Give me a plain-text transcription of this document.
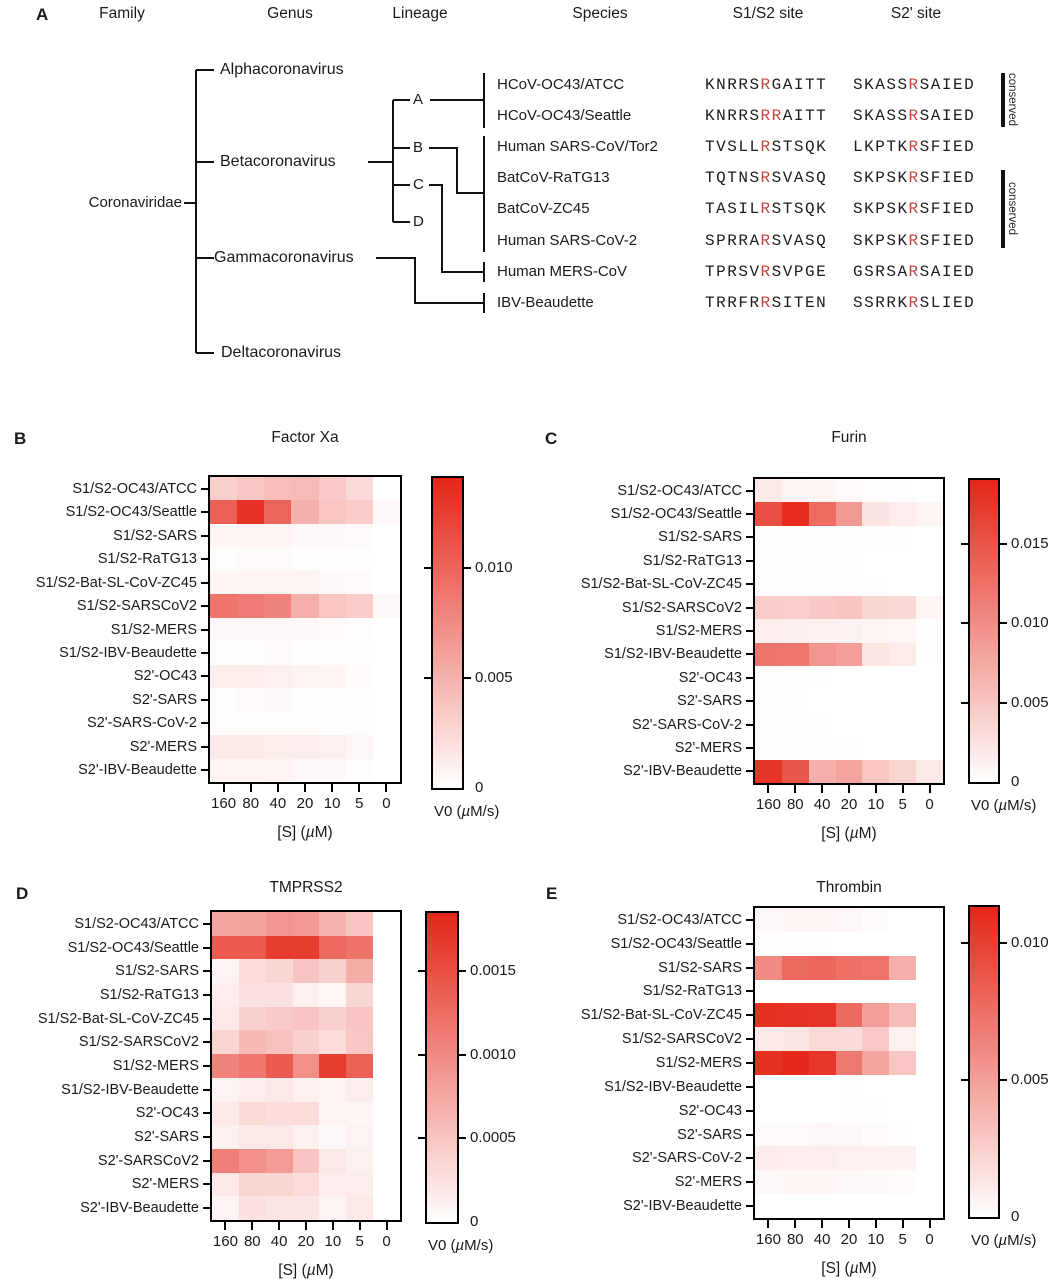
A	Family	Genus	Lineage	Species	S1/S2 site	S2' site
Coronaviridae
Alphacoronavirus
Betacoronavirus
Gammacoronavirus
Deltacoronavirus
A
B
C
D
HCoV-OC43/ATCC	KNRRSRGAITT SKASSRSAIED
HCoV-OC43/Seattle	KNRRSRRAITT SKASSRSAIED
Human SARS-CoV/Tor2	TVSLLRSTSQK LKPTKRSFIED
BatCoV-RaTG13	TQTNSRSVASQ SKPSKRSFIED
BatCoV-ZC45	TASILRSTSQK SKPSKRSFIED
Human SARS-CoV-2	SPRRARSVASQ SKPSKRSFIED
Human MERS-CoV	TPRSVRSVPGE GSRSARSAIED
IBV-Beaudette	TRRFRRSITEN SSRRKRSLIED
conserved
conserved
B	Factor Xa
S1/S2-OC43/ATCC
S1/S2-OC43/Seattle
S1/S2-SARS
S1/S2-RaTG13
S1/S2-Bat-SL-CoV-ZC45
S1/S2-SARSCoV2
S1/S2-MERS
S1/S2-IBV-Beaudette
S2'-OC43
S2'-SARS
S2'-SARS-CoV-2
S2'-MERS
S2'-IBV-Beaudette
160 80 40 20 10 5	0
[S] (µM)
0.010
0.005
0
V0 (µM/s)
C	Furin
S1/S2-OC43/ATCC
S1/S2-OC43/Seattle
S1/S2-SARS
S1/S2-RaTG13
S1/S2-Bat-SL-CoV-ZC45
S1/S2-SARSCoV2
S1/S2-MERS
S1/S2-IBV-Beaudette
S2'-OC43
S2'-SARS
S2'-SARS-CoV-2
S2'-MERS
S2'-IBV-Beaudette
160 80 40 20 10 5	0
[S] (µM)
0.015
0.010
0.005
0
V0 (µM/s)
D	TMPRSS2
S1/S2-OC43/ATCC
S1/S2-OC43/Seattle
S1/S2-SARS
S1/S2-RaTG13
S1/S2-Bat-SL-CoV-ZC45
S1/S2-SARSCoV2
S1/S2-MERS
S1/S2-IBV-Beaudette
S2'-OC43
S2'-SARS
S2'-SARSCoV2
S2'-MERS
S2'-IBV-Beaudette
160 80 40 20 10 5	0
[S] (µM)
0.0015
0.0010
0.0005
0
V0 (µM/s)
E	Thrombin
S1/S2-OC43/ATCC
S1/S2-OC43/Seattle
S1/S2-SARS
S1/S2-RaTG13
S1/S2-Bat-SL-CoV-ZC45
S1/S2-SARSCoV2
S1/S2-MERS
S1/S2-IBV-Beaudette
S2'-OC43
S2'-SARS
S2'-SARS-CoV-2
S2'-MERS
S2'-IBV-Beaudette
160 80 40 20 10 5	0
[S] (µM)
0.010
0.005
0
V0 (µM/s)
